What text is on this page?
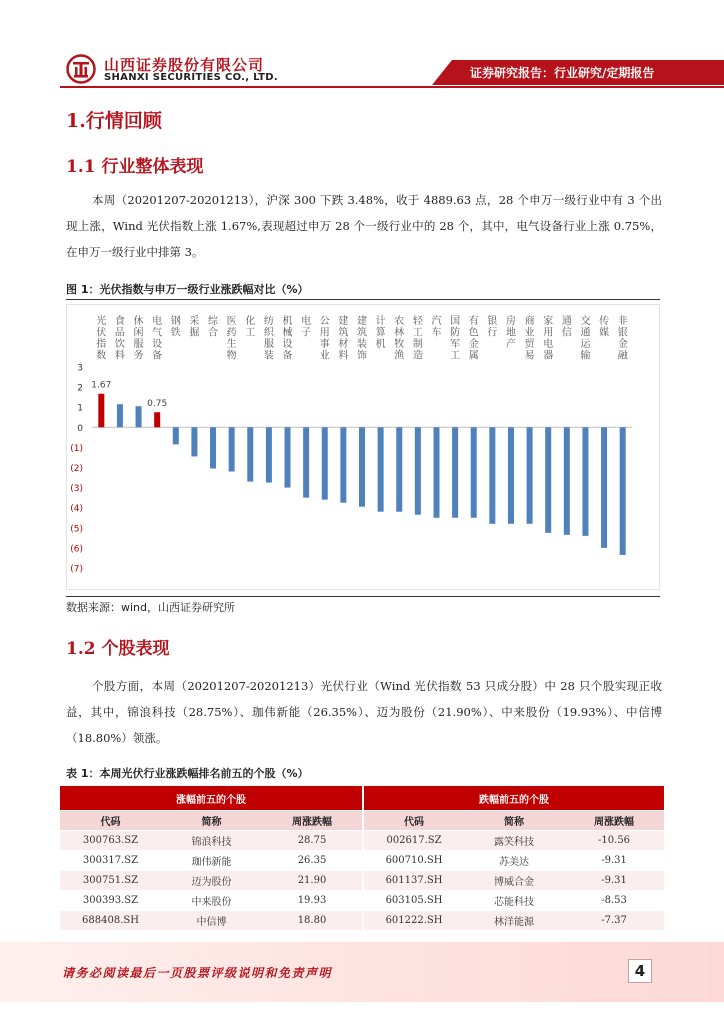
山西证券股份有限公司
SHANXI SECURITIES CO., LTD.	证券研究报告：行业研究/定期报告
1.行情回顾
1.1 行业整体表现
本周（20201207-20201213），沪深 300 下跌 3.48%，收于 4889.63 点，28 个申万一级行业中有 3 个出现上涨，Wind 光伏指数上涨 1.67%,表现超过申万 28 个一级行业中的 28 个，其中，电气设备行业上涨 0.75%，在申万一级行业中排第 3。
图 1：光伏指数与申万一级行业涨跌幅对比（%）
3
2
1
0
(1)
(2)
(3)
(4)
(5)
(6)
(7)
光伏指数
1.67
食品饮料
休闲服务
电气设备
0.75
钢铁
采掘
综合
医药生物
化工
纺织服装
机械设备
电子
公用事业
建筑材料
建筑装饰
计算机
农林牧渔
轻工制造
汽车
国防军工
有色金属
银行
房地产
商业贸易
家用电器
通信
交通运输
传媒
非银金融
数据来源：wind，山西证券研究所
1.2 个股表现
个股方面，本周（20201207-20201213）光伏行业（Wind 光伏指数 53 只成分股）中 28 只个股实现正收益，其中，锦浪科技（28.75%）、珈伟新能（26.35%）、迈为股份（21.90%）、中来股份（19.93%）、中信博（18.80%）领涨。
表 1：本周光伏行业涨跌幅排名前五的个股（%）
涨幅前五的个股			跌幅前五的个股		
代码	简称	周涨跌幅	代码	简称	周涨跌幅
300763.SZ	锦浪科技	28.75	002617.SZ	露笑科技	-10.56
300317.SZ	珈伟新能	26.35	600710.SH	苏美达	-9.31
300751.SZ	迈为股份	21.90	601137.SH	博威合金	-9.31
300393.SZ	中来股份	19.93	603105.SH	芯能科技	-8.53
688408.SH	中信博	18.80	601222.SH	林洋能源	-7.37
请务必阅读最后一页股票评级说明和免责声明	4
